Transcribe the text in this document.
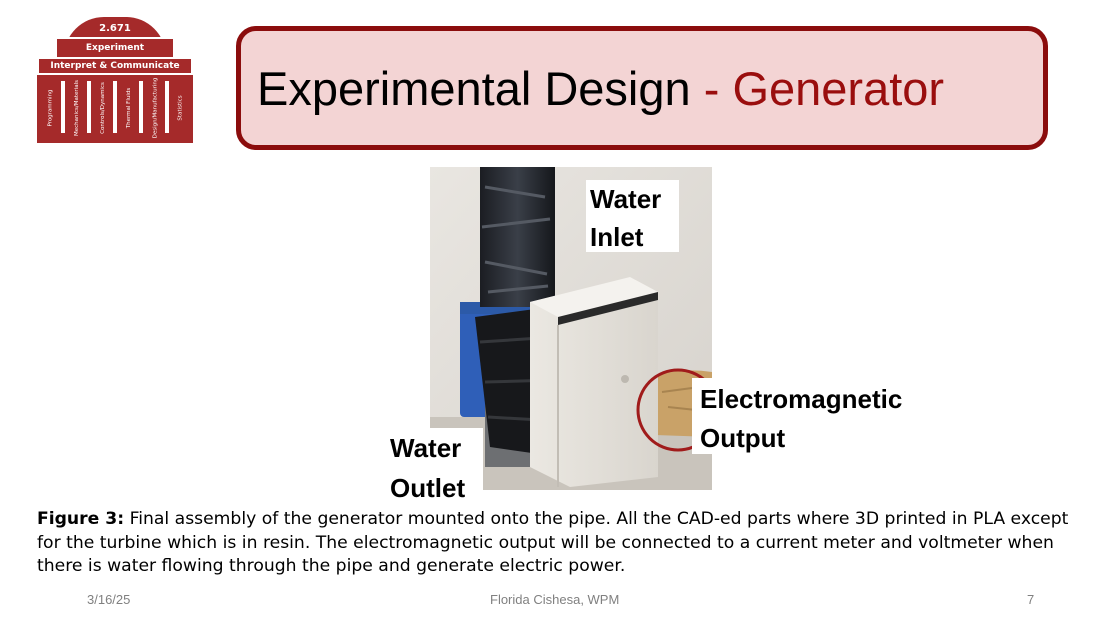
2.671
Experiment
Interpret & Communicate
Programming	Mechanics/Materials	Controls/Dynamics	Thermal Fluids	Design/Manufacturing	Statistics Experimental Design - Generator
Water
Inlet
Electromagnetic
Output
Water
Outlet
Figure 3: Final assembly of the generator mounted onto the pipe. All the CAD-ed parts where 3D printed in PLA except for the turbine which is in resin. The electromagnetic output will be connected to a current meter and voltmeter when there is water flowing through the pipe and generate electric power.
3/16/25	Florida Cishesa, WPM	7
